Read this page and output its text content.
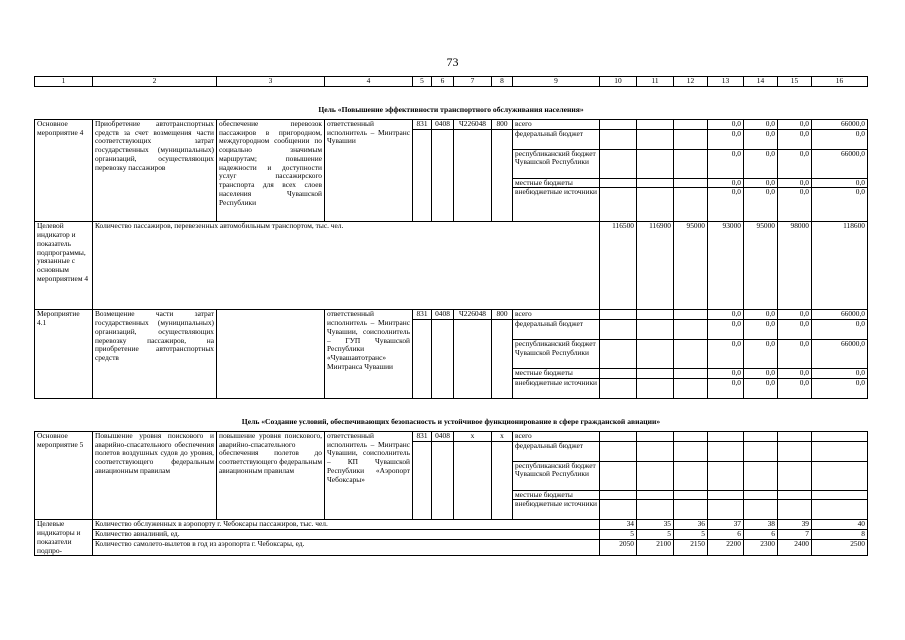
73
1	2	3	4	5	6	7	8	9	10	11	12	13	14	15	16
Цель «Повышение эффективности транспортного обслуживания населения»															
Основное мероприятие 4	Приобретение автотранспортных средств за счет возмещения части соответствующих затрат государственных (муниципальных) организаций, осуществляющих перевозку пассажиров	обеспечение перевозок пассажиров в пригородном, междугородном сообщении по социально значимым маршрутам; повышение надежности и доступности услуг пассажирского транспорта для всех слоев населения Чувашской Республики	ответственный исполнитель – Минтранс Чувашии	831	0408	Ч226048	800	всего				0,0	0,0	0,0	66000,0
								федеральный бюджет				0,0	0,0	0,0	0,0
								республиканский бюджет Чувашской Республики				0,0	0,0	0,0	66000,0
								местные бюджеты				0,0	0,0	0,0	0,0
								внебюджетные источники				0,0	0,0	0,0	0,0
Целевой индикатор и показатель подпрограммы, увязанные с основным мероприятием 4	Количество пассажиров, перевезенных автомобильным транспортом, тыс. чел.								116500	116900	95000	93000	95000	98000	118600
Мероприятие 4.1	Возмещение части затрат государственных (муниципальных) организаций, осуществляющих перевозку пассажиров, на приобретение автотранспортных средств		ответственный исполнитель – Минтранс Чувашии, соисполнитель – ГУП Чувашской Республики «Чувашавтотранс» Минтранса Чувашии	831	0408	Ч226048	800	всего				0,0	0,0	0,0	66000,0
								федеральный бюджет				0,0	0,0	0,0	0,0
								республиканский бюджет Чувашской Республики				0,0	0,0	0,0	66000,0
								местные бюджеты				0,0	0,0	0,0	0,0
								внебюджетные источники				0,0	0,0	0,0	0,0
Цель «Создание условий, обеспечивающих безопасность и устойчивое функционирование в сфере гражданской авиации»															
Основное мероприятие 5	Повышение уровня поискового и аварийно-спасательного обеспечения полетов воздушных судов до уровня, соответствующего федеральным авиационным правилам	повышение уровня поискового, аварийно-спасательного обеспечения полетов до соответствующего федеральным авиационным правилам	ответственный исполнитель – Минтранс Чувашии, соисполнитель – КП Чувашской Республики «Аэропорт Чебоксары»	831	0408	x	x	всего							
								федеральный бюджет							
								республиканский бюджет Чувашской Республики							
								местные бюджеты							
								внебюджетные источники							
Целевые индикаторы и показатели подпро-	Количество обслуженных в аэропорту г. Чебоксары пассажиров, тыс. чел.								34	35	36	37	38	39	40
	Количество авиалиний, ед.								5	5	5	6	6	7	8
	Количество самолето-вылетов в год из аэропорта г. Чебоксары, ед.								2050	2100	2150	2200	2300	2400	2500
